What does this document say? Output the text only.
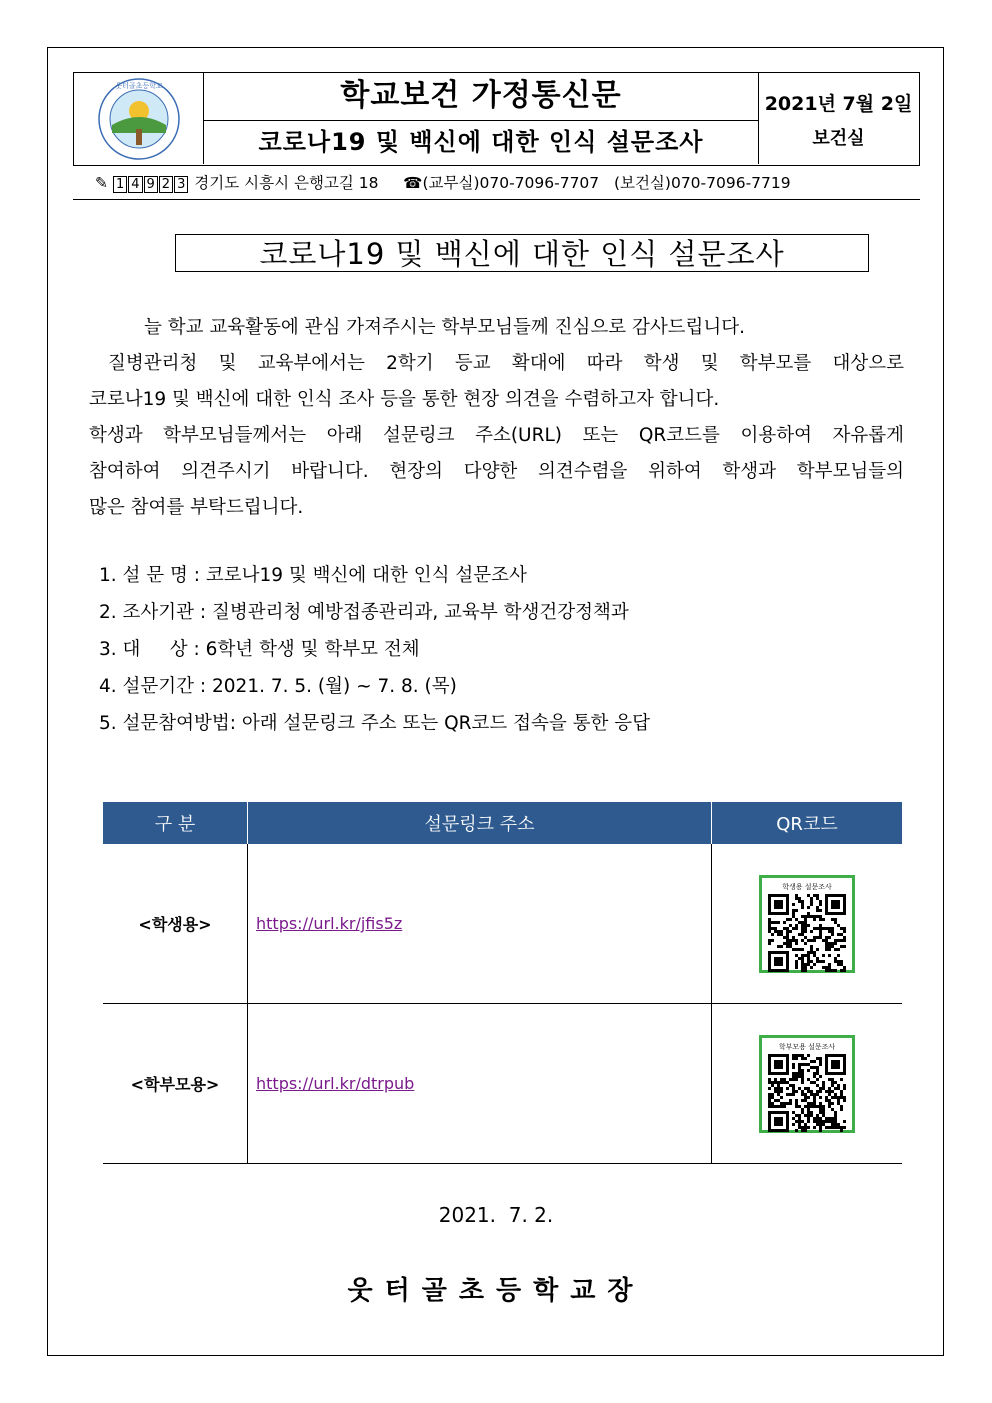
웃터골초등학교	학교보건 가정통신문
코로나19 및 백신에 대한 인식 설문조사
2021년 7월 2일
보건실
✎ 1 4 9 2 3 경기도 시흥시 은행고길 18 ☎(교무실)070-7096-7707 (보건실)070-7096-7719
코로나19 및 백신에 대한 인식 설문조사

늘 학교 교육활동에 관심 가져주시는 학부모님들께 진심으로 감사드립니다.

질병관리청 및 교육부에서는 2학기 등교 확대에 따라 학생 및 학부모를 대상으로

코로나19 및 백신에 대한 인식 조사 등을 통한 현장 의견을 수렴하고자 합니다.

학생과 학부모님들께서는 아래 설문링크 주소(URL) 또는 QR코드를 이용하여 자유롭게

참여하여 의견주시기 바랍니다. 현장의 다양한 의견수렴을 위하여 학생과 학부모님들의

많은 참여를 부탁드립니다.

1. 설 문 명 : 코로나19 및 백신에 대한 인식 설문조사
2. 조사기관 : 질병관리청 예방접종관리과, 교육부 학생건강정책과
3. 대     상 : 6학년 학생 및 학부모 전체
4. 설문기간 : 2021. 7. 5. (월) ~ 7. 8. (목)
5. 설문참여방법: 아래 설문링크 주소 또는 QR코드 접속을 통한 응답
구 분	설문링크 주소	QR코드
<학생용>	https://url.kr/jfis5z	학생용 설문조사

<학부모용>	https://url.kr/dtrpub	학부모용 설문조사
2021.  7. 2.
웃터골초등학교장
